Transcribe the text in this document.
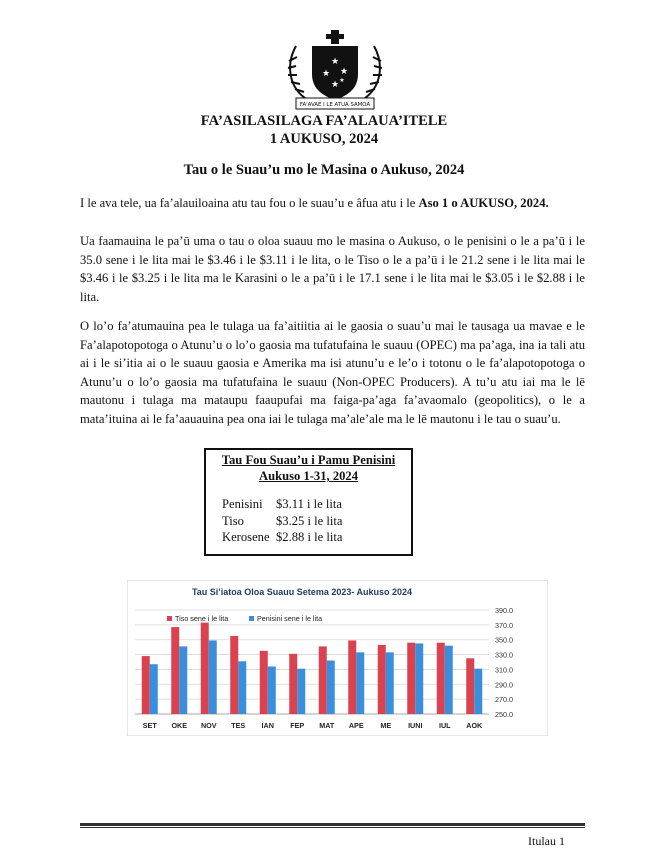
★
★ ★
★ ★
FA'AVAE I LE ATUA SAMOA
FA’ASILASILAGA FA’ALAUA’ITELE
1 AUKUSO, 2024
Tau o le Suau’u mo le Masina o Aukuso, 2024
I le ava tele, ua fa’alauiloaina atu tau fou o le suau’u e âfua atu i le Aso 1 o AUKUSO, 2024.
Ua faamauina le pa’ū uma o tau o oloa suauu mo le masina o Aukuso, o le penisini o le a pa’ū i le 35.0 sene i le lita mai le $3.46 i le $3.11 i le lita, o le Tiso o le a pa’ū i le 21.2 sene i le lita mai le $3.46 i le $3.25 i le lita ma le Karasini o le a pa’ū i le 17.1 sene i le lita mai le $3.05 i le $2.88 i le lita.
O lo’o fa’atumauina pea le tulaga ua fa’aitiitia ai le gaosia o suau’u mai le tausaga ua mavae e le Fa’alapotopotoga o Atunu’u o lo’o gaosia ma tufatufaina le suauu (OPEC) ma pa’aga, ina ia tali atu ai i le si’itia ai o le suauu gaosia e Amerika ma isi atunu’u e le’o i totonu o le fa’alapotopotoga o Atunu’u o lo’o gaosia ma tufatufaina le suauu (Non-OPEC Producers). A tu’u atu iai ma le lē mautonu i tulaga ma mataupu faaupufai ma faiga-pa’aga fa’avaomalo (geopolitics), o le a mata’ituina ai le fa’aauauina pea ona iai le tulaga ma’ale’ale ma le lē mautonu i le tau o suau’u.
Tau Fou Suau’u i Pamu Penisini
Aukuso 1-31, 2024
Penisini $3.11 i le lita
Tiso	$3.25 i le lita
Kerosene $2.88 i le lita
Tau Si’iatoa Oloa Suauu Setema 2023- Aukuso 2024
390.0
370.0
350.0
330.0
310.0
290.0
270.0
250.0
SET OKE NOV TES IAN FEP MAT APE ME IUNI IUL AOK
Tiso sene i le lita	Penisini sene i le lita
Itulau 1
